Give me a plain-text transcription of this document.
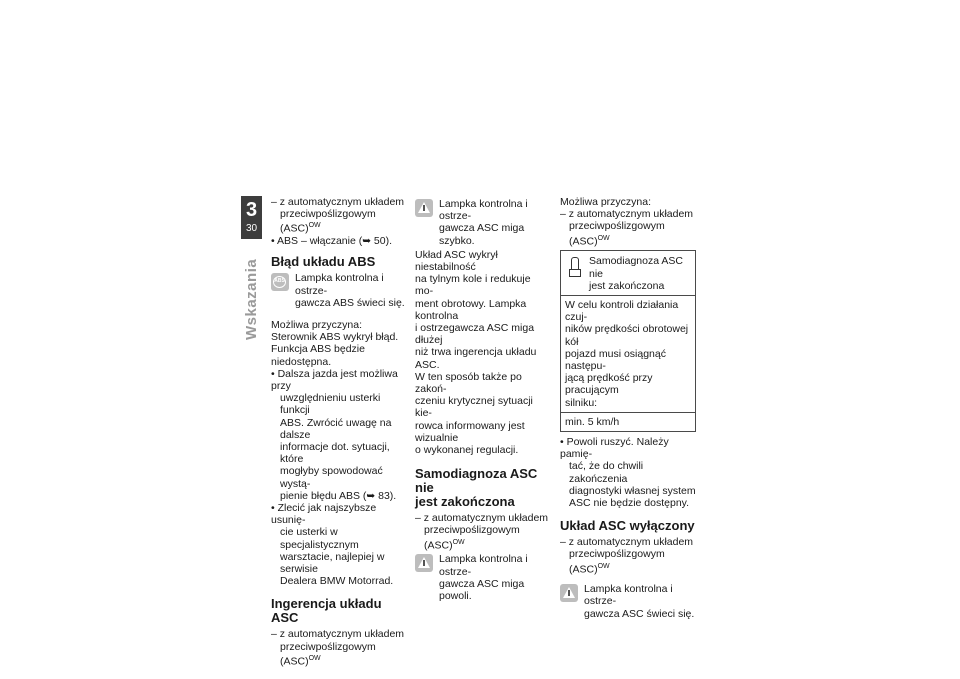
3
30
Wskazania
– z automatycznym układem
przeciwpoślizgowym (ASC)$^{OW}$
• ABS – włączanie (➥ 50).
Błąd układu ABS
ABS Lampka kontrolna i ostrze-
gawcza ABS świeci się.
Możliwa przyczyna:
Sterownik ABS wykrył błąd.
Funkcja ABS będzie niedostępna.
• Dalsza jazda jest możliwa przy
uwzględnieniu usterki funkcji
ABS. Zwrócić uwagę na dalsze
informacje dot. sytuacji, które
mogłyby spowodować wystą-
pienie błędu ABS (➥ 83).
• Zlecić jak najszybsze usunię-
cie usterki w specjalistycznym
warsztacie, najlepiej w serwisie
Dealera BMW Motorrad.
Ingerencja układu ASC
– z automatycznym układem
przeciwpoślizgowym (ASC)$^{OW}$
Lampka kontrolna i ostrze-
gawcza ASC miga szybko.
Układ ASC wykrył niestabilność
na tylnym kole i redukuje mo-
ment obrotowy. Lampka kontrolna
i ostrzegawcza ASC miga dłużej
niż trwa ingerencja układu ASC.
W ten sposób także po zakoń-
czeniu krytycznej sytuacji kie-
rowca informowany jest wizualnie
o wykonanej regulacji.
Samodiagnoza ASC nie
jest zakończona
– z automatycznym układem
przeciwpoślizgowym (ASC)$^{OW}$
Lampka kontrolna i ostrze-
gawcza ASC miga powoli.
Możliwa przyczyna:
– z automatycznym układem
przeciwpoślizgowym (ASC)$^{OW}$
Samodiagnoza ASC nie
jest zakończona
W celu kontroli działania czuj-
ników prędkości obrotowej kół
pojazd musi osiągnąć następu-
jącą prędkość przy pracującym
silniku:
min. 5 km/h
• Powoli ruszyć. Należy pamię-
tać, że do chwili zakończenia
diagnostyki własnej system
ASC nie będzie dostępny.
Układ ASC wyłączony
– z automatycznym układem
przeciwpoślizgowym (ASC)$^{OW}$
Lampka kontrolna i ostrze-
gawcza ASC świeci się.
